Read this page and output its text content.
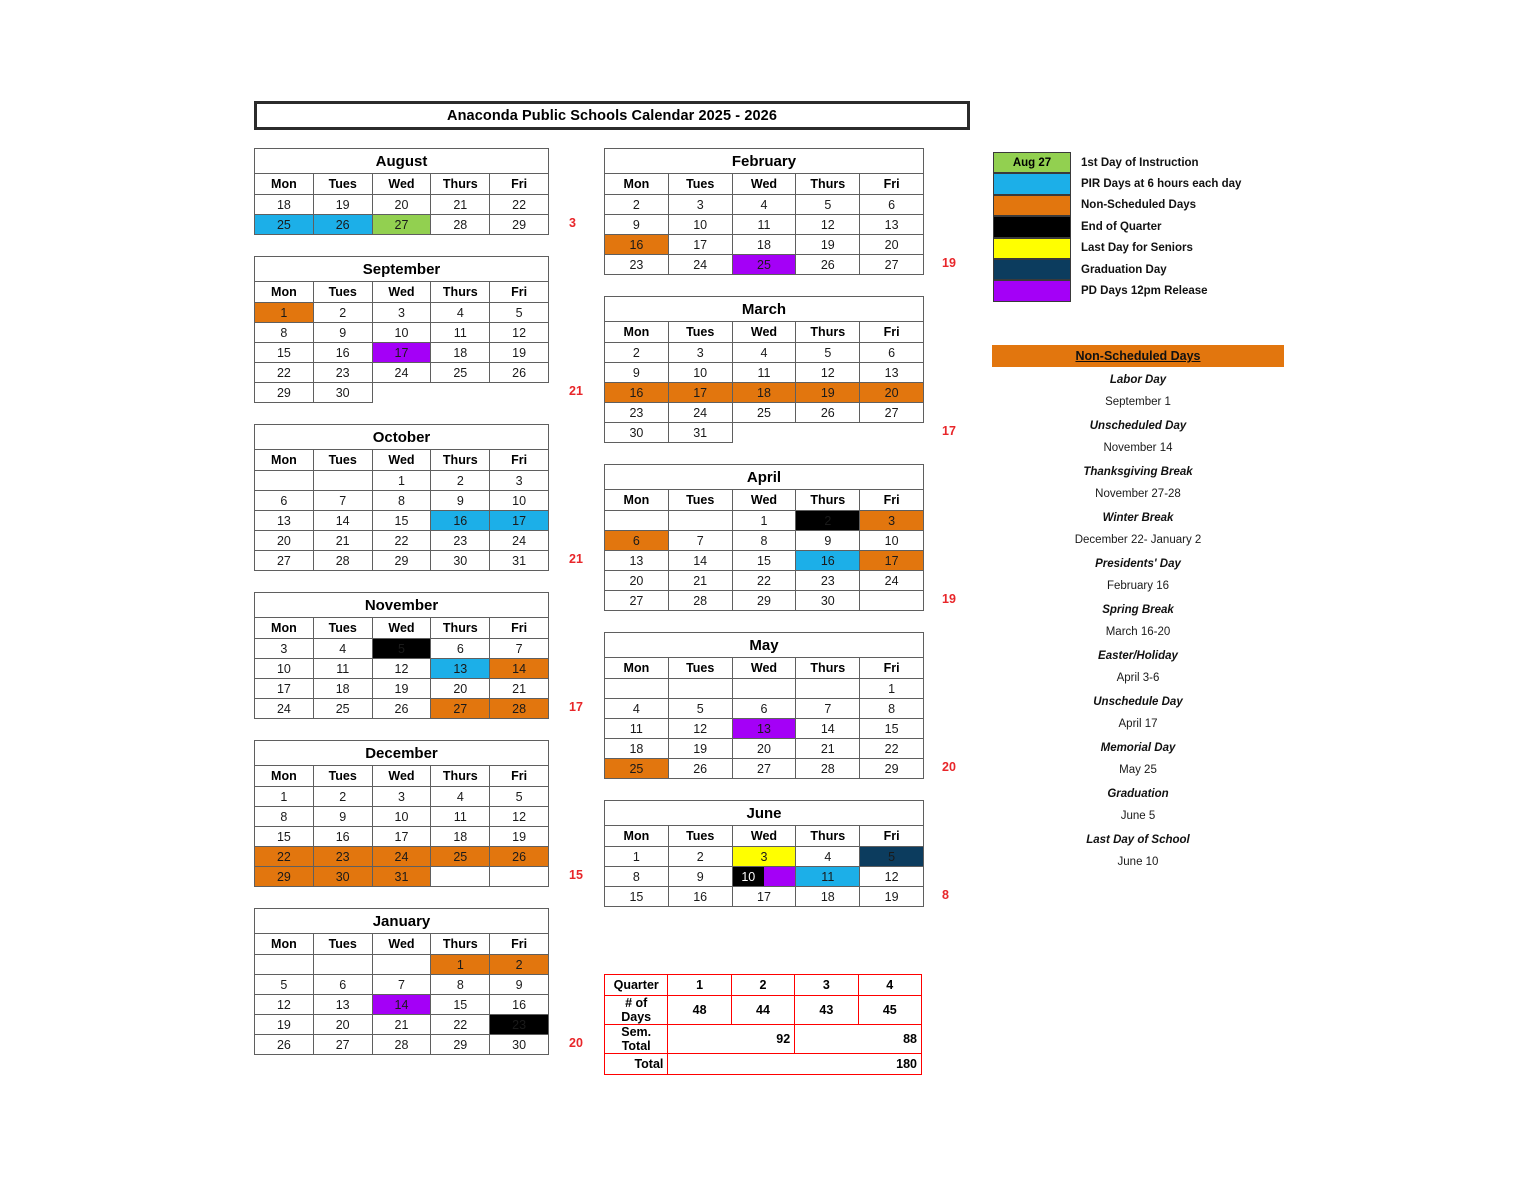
Anaconda Public Schools Calendar 2025 - 2026
August				
Mon	Tues	Wed	Thurs	Fri
18	19	20	21	22
25	26	27	28	29	3
September				
Mon	Tues	Wed	Thurs	Fri
1	2	3	4	5
8	9	10	11	12
15	16	17	18	19
22	23	24	25	26
29	30				21
October				
Mon	Tues	Wed	Thurs	Fri
		1	2	3
6	7	8	9	10
13	14	15	16	17
20	21	22	23	24
27	28	29	30	31	21
November				
Mon	Tues	Wed	Thurs	Fri
3	4	5	6	7
10	11	12	13	14
17	18	19	20	21
24	25	26	27	28	17
December				
Mon	Tues	Wed	Thurs	Fri
1	2	3	4	5
8	9	10	11	12
15	16	17	18	19
22	23	24	25	26
29	30	31			15
January				
Mon	Tues	Wed	Thurs	Fri
			1	2
5	6	7	8	9
12	13	14	15	16
19	20	21	22	23
26	27	28	29	30	20
February				
Mon	Tues	Wed	Thurs	Fri
2	3	4	5	6
9	10	11	12	13
16	17	18	19	20
23	24	25	26	27	19
March				
Mon	Tues	Wed	Thurs	Fri
2	3	4	5	6
9	10	11	12	13
16	17	18	19	20
23	24	25	26	27
30	31				17
April				
Mon	Tues	Wed	Thurs	Fri
		1	2	3
6	7	8	9	10
13	14	15	16	17
20	21	22	23	24
27	28	29	30		19
May				
Mon	Tues	Wed	Thurs	Fri
				1
4	5	6	7	8
11	12	13	14	15
18	19	20	21	22
25	26	27	28	29	20
June				
Mon	Tues	Wed	Thurs	Fri
1	2	3	4	5
8	9	10	11	12
15	16	17	18	19	8
Aug 27	1st Day of Instruction
PIR Days at 6 hours each day
Non-Scheduled Days
End of Quarter
Last Day for Seniors
Graduation Day
PD Days 12pm Release
Non-Scheduled Days
Labor Day
September 1
Unscheduled Day
November 14
Thanksgiving Break
November 27-28
Winter Break
December 22- January 2
Presidents' Day
February 16
Spring Break
March 16-20
Easter/Holiday
April 3-6
Unschedule Day
April 17
Memorial Day
May 25
Graduation
June 5
Last Day of School
June 10
Quarter	1	2	3	4
# of Days	48	44	43	45
Sem. Total	92		88	
Total	180			
